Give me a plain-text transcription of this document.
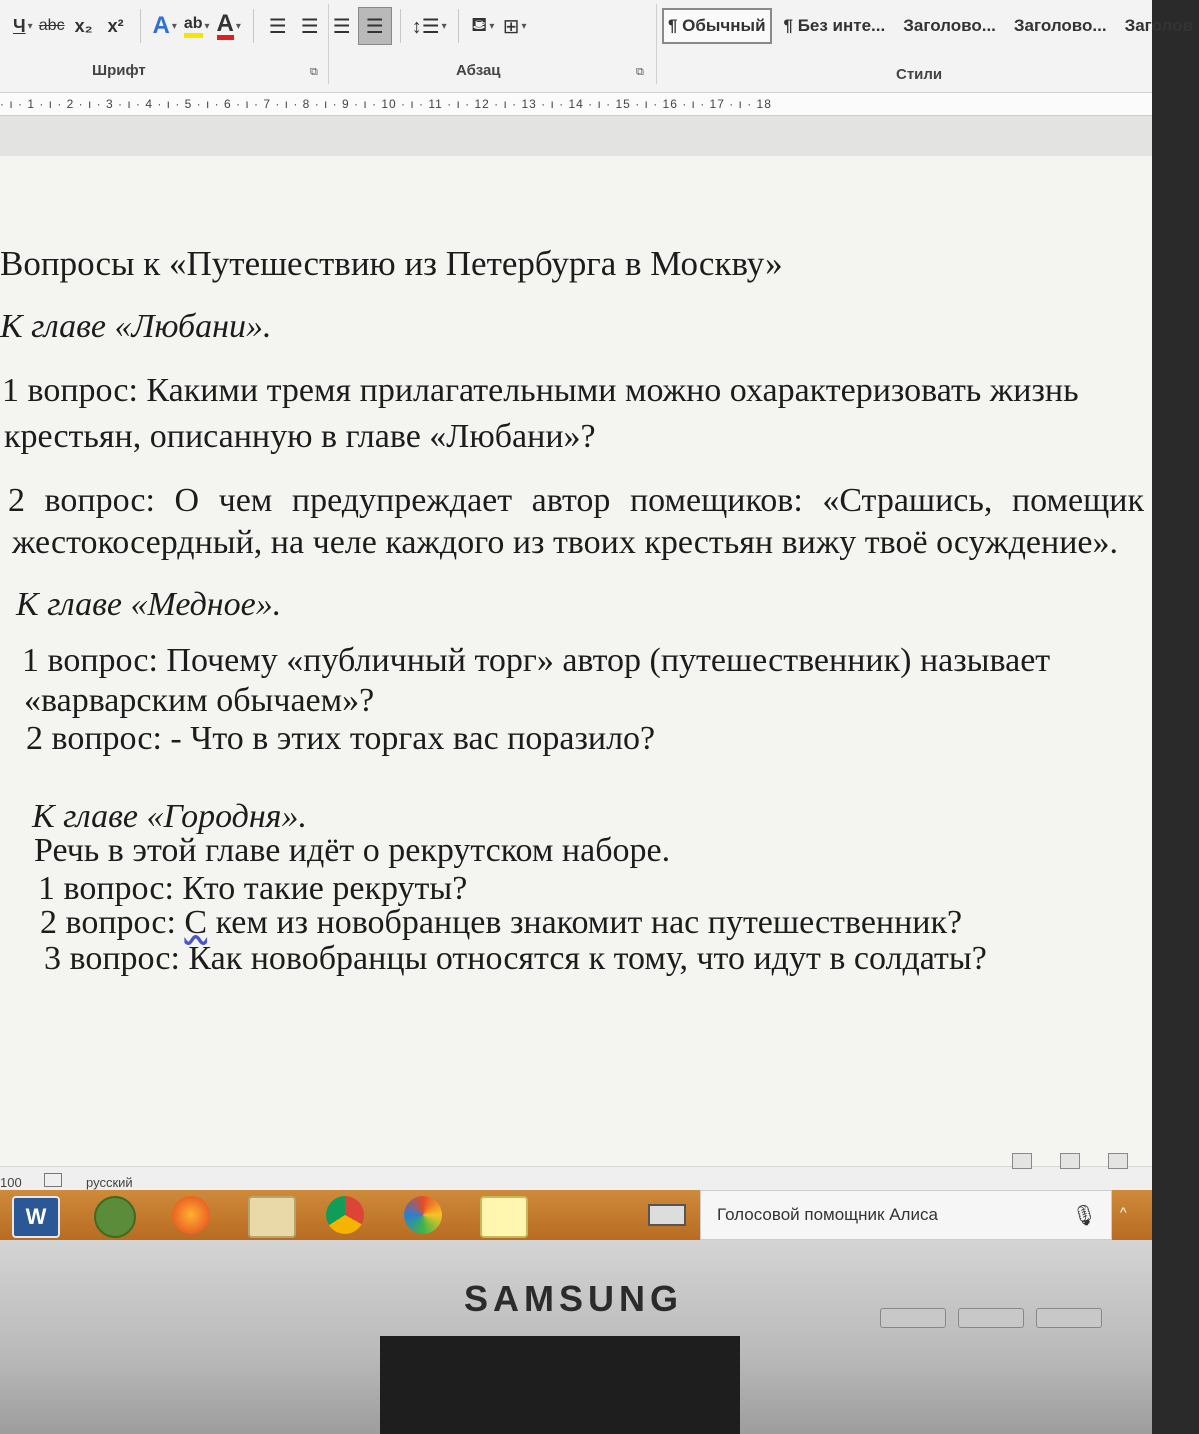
Ч ▾ abc x₂ x² A ▾ ab ▾ A ▾ ☰ ☰ ☰ ☰ ↕☰ ▾ ⛾ ▾ ⊞ ▾	¶ Обычный	¶ Без инте...	Заголово...	Заголово...	Заголов
Шрифт	⧉	Абзац	⧉	Стили
· ı · 1 · ı · 2 · ı · 3 · ı · 4 · ı · 5 · ı · 6 · ı · 7 · ı · 8 · ı · 9 · ı · 10 · ı · 11 · ı · 12 · ı · 13 · ı · 14 · ı · 15 · ı · 16 · ı · 17 · ı · 18

Вопросы к «Путешествию из Петербурга в Москву»

К главе «Любани».

1 вопрос: Какими тремя прилагательными можно охарактеризовать жизнь

крестьян, описанную в главе «Любани»?

2 вопрос: О чем предупреждает автор помещиков: «Страшись, помещик

жестокосердный, на челе каждого из твоих крестьян вижу твоё осуждение».

К главе «Медное».

1 вопрос: Почему «публичный торг» автор (путешественник) называет

«варварским обычаем»?

2 вопрос: - Что в этих торгах вас поразило?

К главе «Городня».

Речь в этой главе идёт о рекрутском наборе.

1 вопрос: Кто такие рекруты?

2 вопрос: С кем из новобранцев знакомит нас путешественник?

3 вопрос: Как новобранцы относятся к тому, что идут в солдаты?

100	русский
W	Голосовой помощник Алиса	🎙 ^
SAMSUNG
